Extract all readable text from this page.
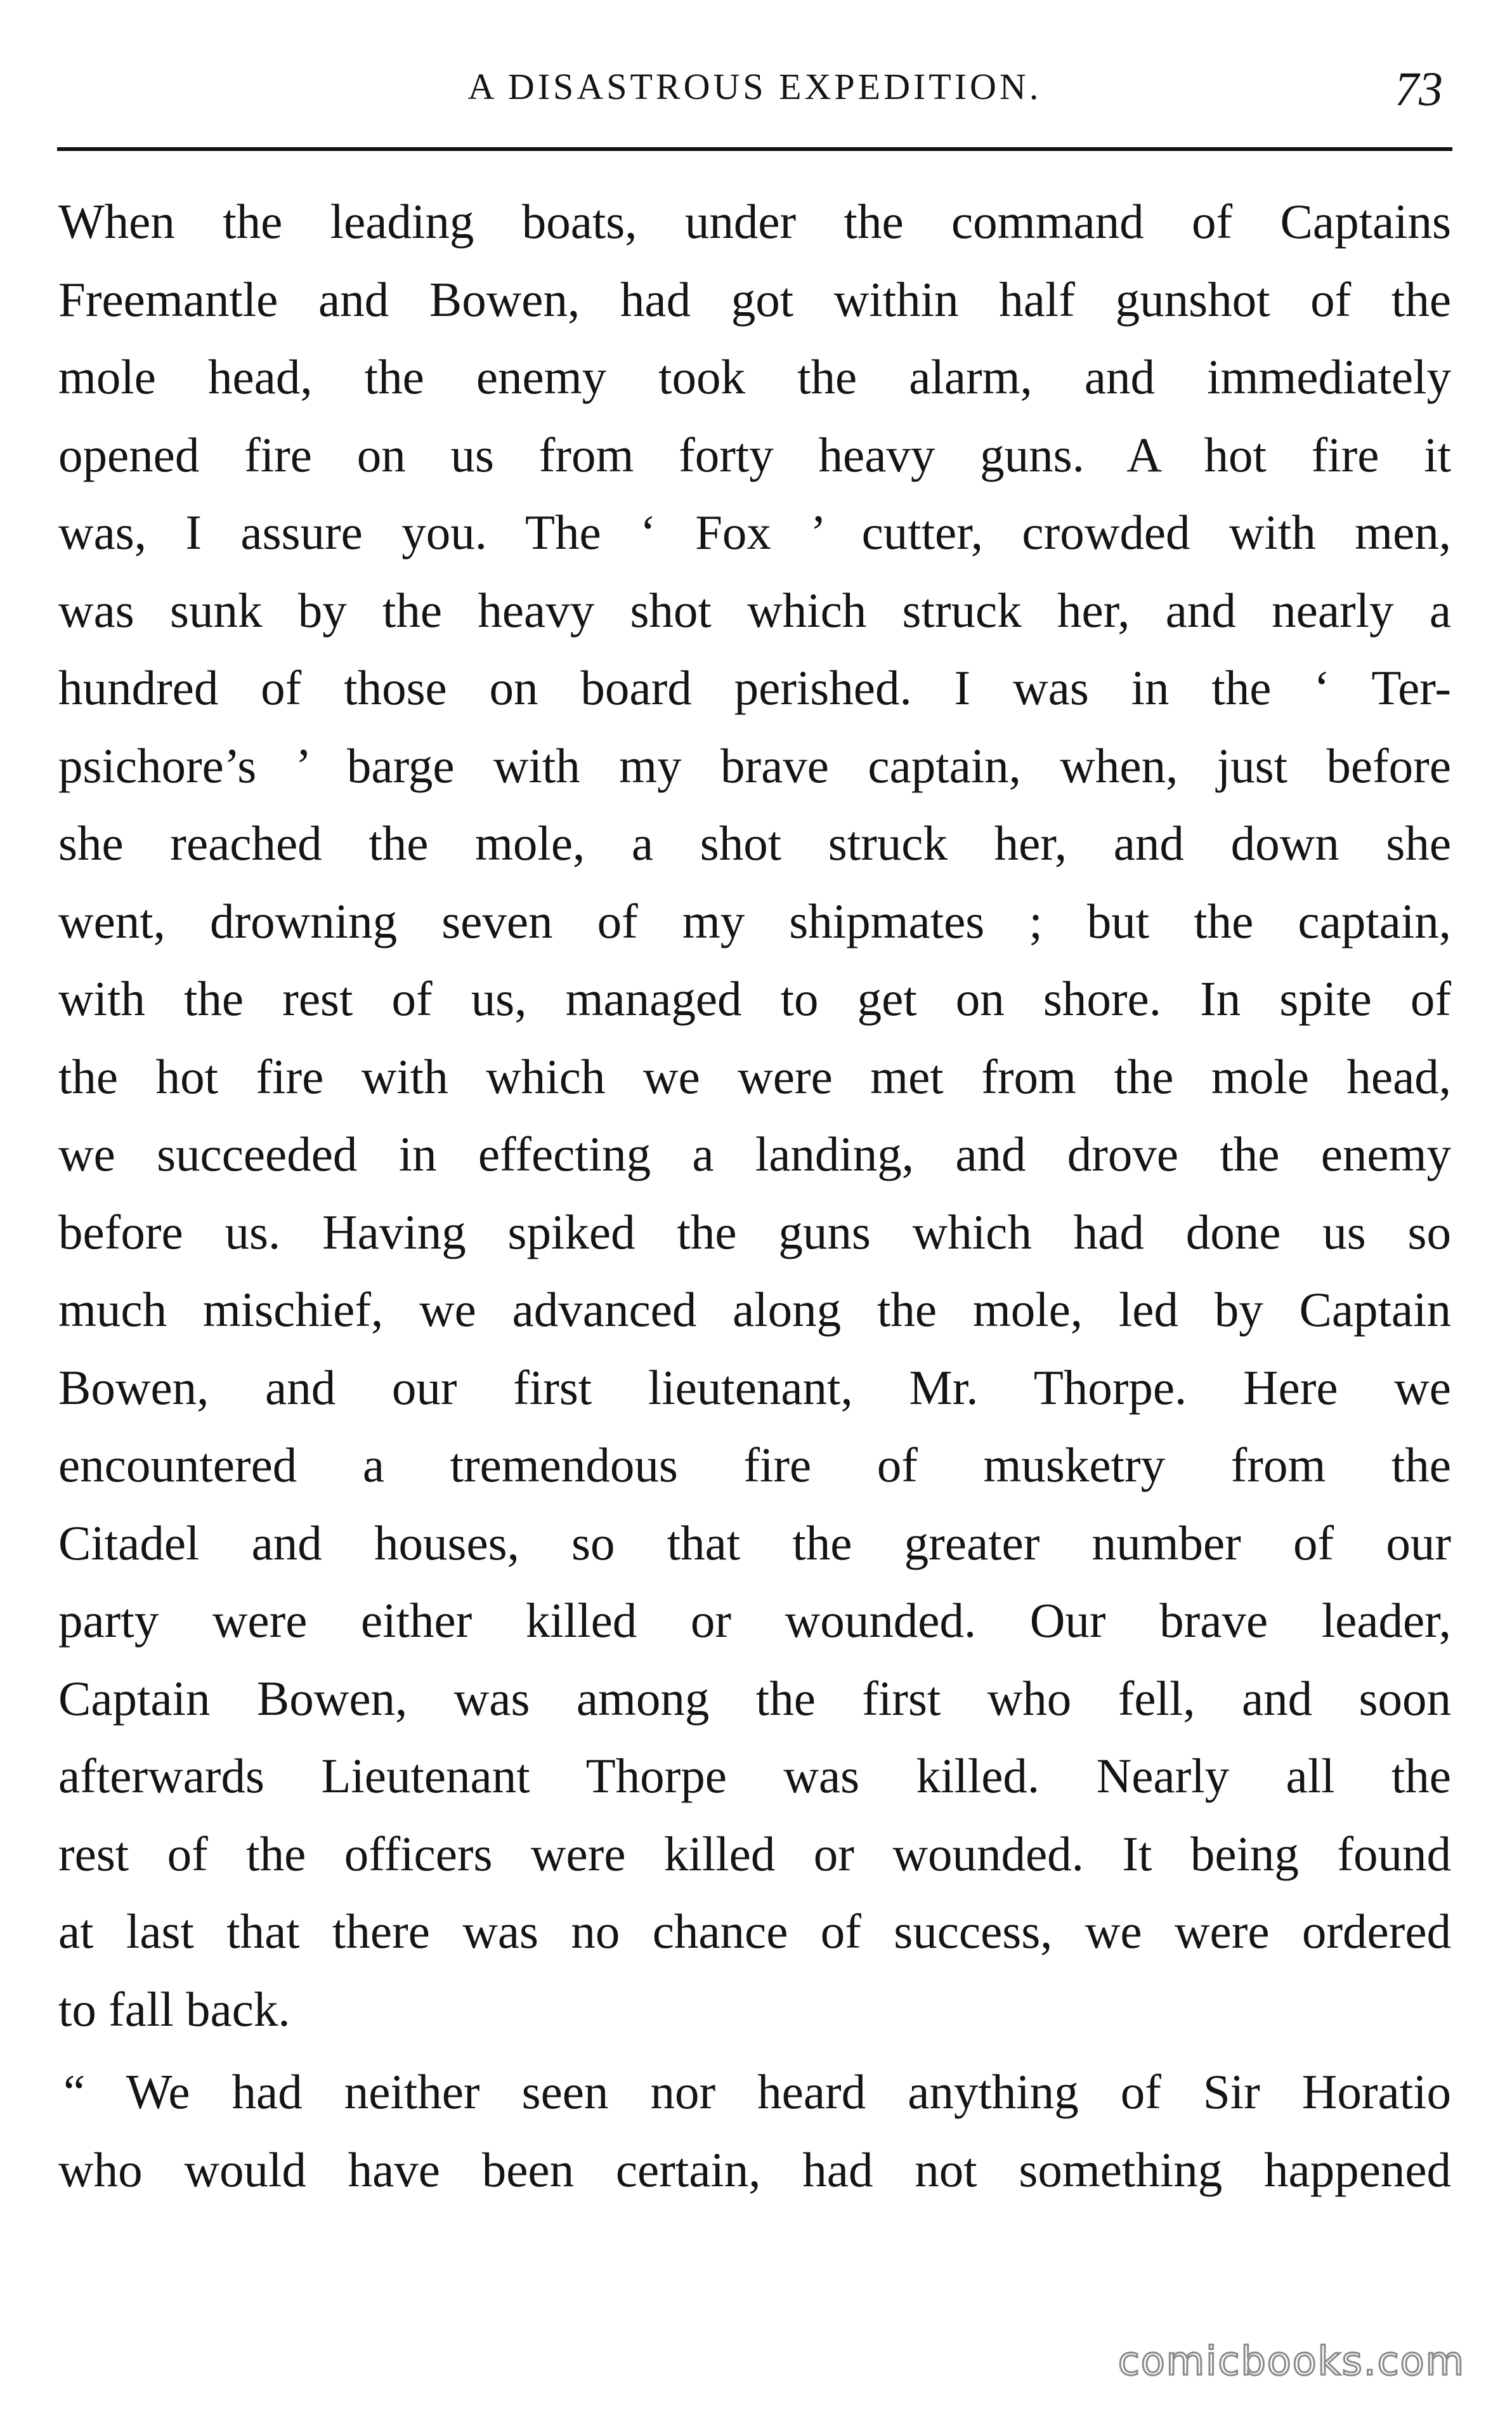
A DISASTROUS EXPEDITION.	73
When the leading boats, under the command of Captains
Freemantle and Bowen, had got within half gunshot of the
mole head, the enemy took the alarm, and immediately
opened fire on us from forty heavy guns. A hot fire it
was, I assure you. The ‘ Fox ’ cutter, crowded with men,
was sunk by the heavy shot which struck her, and nearly a
hundred of those on board perished. I was in the ‘ Ter-
psichore’s ’ barge with my brave captain, when, just before
she reached the mole, a shot struck her, and down she
went, drowning seven of my shipmates ; but the captain,
with the rest of us, managed to get on shore. In spite of
the hot fire with which we were met from the mole head,
we succeeded in effecting a landing, and drove the enemy
before us. Having spiked the guns which had done us so
much mischief, we advanced along the mole, led by Captain
Bowen, and our first lieutenant, Mr. Thorpe. Here we
encountered a tremendous fire of musketry from the
Citadel and houses, so that the greater number of our
party were either killed or wounded. Our brave leader,
Captain Bowen, was among the first who fell, and soon
afterwards Lieutenant Thorpe was killed. Nearly all the
rest of the officers were killed or wounded. It being found
at last that there was no chance of success, we were ordered
to fall back.
“ We had neither seen nor heard anything of Sir Horatio
who would have been certain, had not something happened
comicbooks.com
